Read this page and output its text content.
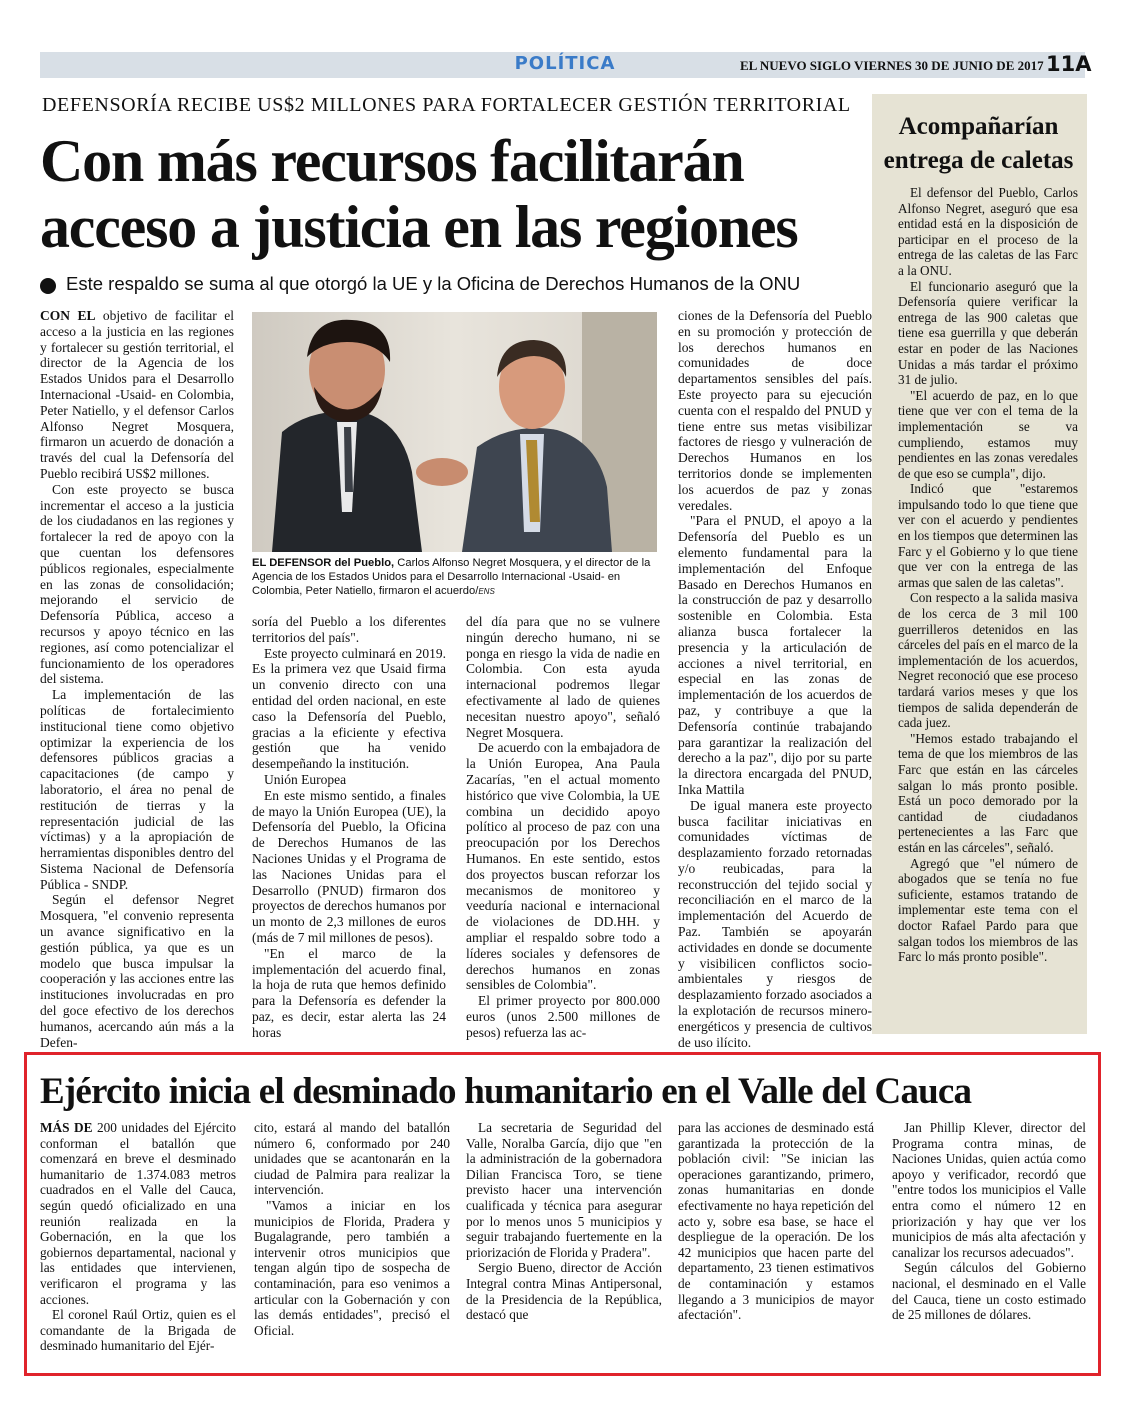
POLÍTICA	EL NUEVO SIGLO VIERNES 30 DE JUNIO DE 2017 11A
DEFENSORÍA RECIBE US$2 MILLONES PARA FORTALECER GESTIÓN TERRITORIAL
Con más recursos facilitarán
acceso a justicia en las regiones
Este respaldo se suma al que otorgó la UE y la Oficina de Derechos Humanos de la ONU

CON EL objetivo de facilitar el acceso a la justicia en las regiones y fortalecer su gestión territorial, el director de la Agencia de los Estados Unidos para el Desarrollo Internacional -Usaid- en Colombia, Peter Natiello, y el defensor Carlos Alfonso Negret Mosquera, firmaron un acuerdo de donación a través del cual la Defensoría del Pueblo recibirá US$2 millones.

Con este proyecto se busca incrementar el acceso a la justicia de los ciudadanos en las regiones y fortalecer la red de apoyo con la que cuentan los defensores públicos regionales, especialmente en las zonas de consolidación; mejorando el servicio de Defensoría Pública, acceso a recursos y apoyo técnico en las regiones, así como potencializar el funcionamiento de los operadores del sistema.

La implementación de las políticas de fortalecimiento institucional tiene como objetivo optimizar la experiencia de los defensores públicos gracias a capacitaciones (de campo y laboratorio, el área no penal de restitución de tierras y la representación judicial de las víctimas) y a la apropiación de herramientas disponibles dentro del Sistema Nacional de Defensoría Pública - SNDP.

Según el defensor Negret Mosquera, "el convenio representa un avance significativo en la gestión pública, ya que es un modelo que busca impulsar la cooperación y las acciones entre las instituciones involucradas en pro del goce efectivo de los derechos humanos, acercando aún más a la Defen-

EL DEFENSOR del Pueblo, Carlos Alfonso Negret Mosquera, y el director de la Agencia de los Estados Unidos para el Desarrollo Internacional -Usaid- en Colombia, Peter Natiello, firmaron el acuerdo/ENS

soría del Pueblo a los diferentes territorios del país".

Este proyecto culminará en 2019. Es la primera vez que Usaid firma un convenio directo con una entidad del orden nacional, en este caso la Defensoría del Pueblo, gracias a la eficiente y efectiva gestión que ha venido desempeñando la institución.

Unión Europea

En este mismo sentido, a finales de mayo la Unión Europea (UE), la Defensoría del Pueblo, la Oficina de Derechos Humanos de las Naciones Unidas y el Programa de las Naciones Unidas para el Desarrollo (PNUD) firmaron dos proyectos de derechos humanos por un monto de 2,3 millones de euros (más de 7 mil millones de pesos).

"En el marco de la implementación del acuerdo final, la hoja de ruta que hemos definido para la Defensoría es defender la paz, es decir, estar alerta las 24 horas

del día para que no se vulnere ningún derecho humano, ni se ponga en riesgo la vida de nadie en Colombia. Con esta ayuda internacional podremos llegar efectivamente al lado de quienes necesitan nuestro apoyo", señaló Negret Mosquera.

De acuerdo con la embajadora de la Unión Europea, Ana Paula Zacarías, "en el actual momento histórico que vive Colombia, la UE combina un decidido apoyo político al proceso de paz con una preocupación por los Derechos Humanos. En este sentido, estos dos proyectos buscan reforzar los mecanismos de monitoreo y veeduría nacional e internacional de violaciones de DD.HH. y ampliar el respaldo sobre todo a líderes sociales y defensores de derechos humanos en zonas sensibles de Colombia".

El primer proyecto por 800.000 euros (unos 2.500 millones de pesos) refuerza las ac-

ciones de la Defensoría del Pueblo en su promoción y protección de los derechos humanos en comunidades de doce departamentos sensibles del país. Este proyecto para su ejecución cuenta con el respaldo del PNUD y tiene entre sus metas visibilizar factores de riesgo y vulneración de Derechos Humanos en los territorios donde se implementen los acuerdos de paz y zonas veredales.

"Para el PNUD, el apoyo a la Defensoría del Pueblo es un elemento fundamental para la implementación del Enfoque Basado en Derechos Humanos en la construcción de paz y desarrollo sostenible en Colombia. Esta alianza busca fortalecer la presencia y la articulación de acciones a nivel territorial, en especial en las zonas de implementación de los acuerdos de paz, y contribuye a que la Defensoría continúe trabajando para garantizar la realización del derecho a la paz", dijo por su parte la directora encargada del PNUD, Inka Mattila

De igual manera este proyecto busca facilitar iniciativas en comunidades víctimas de desplazamiento forzado retornadas y/o reubicadas, para la reconstrucción del tejido social y reconciliación en el marco de la implementación del Acuerdo de Paz. También se apoyarán actividades en donde se documente y visibilicen conflictos socio-ambientales y riesgos de desplazamiento forzado asociados a la explotación de recursos minero-energéticos y presencia de cultivos de uso ilícito.

Acompañarían
entrega de caletas

El defensor del Pueblo, Carlos Alfonso Negret, aseguró que esa entidad está en la disposición de participar en el proceso de la entrega de las caletas de las Farc a la ONU.

El funcionario aseguró que la Defensoría quiere verificar la entrega de las 900 caletas que tiene esa guerrilla y que deberán estar en poder de las Naciones Unidas a más tardar el próximo 31 de julio.

"El acuerdo de paz, en lo que tiene que ver con el tema de la implementación se va cumpliendo, estamos muy pendientes en las zonas veredales de que eso se cumpla", dijo.

Indicó que "estaremos impulsando todo lo que tiene que ver con el acuerdo y pendientes en los tiempos que determinen las Farc y el Gobierno y lo que tiene que ver con la entrega de las armas que salen de las caletas".

Con respecto a la salida masiva de los cerca de 3 mil 100 guerrilleros detenidos en las cárceles del país en el marco de la implementación de los acuerdos, Negret reconoció que ese proceso tardará varios meses y que los tiempos de salida dependerán de cada juez.

"Hemos estado trabajando el tema de que los miembros de las Farc que están en las cárceles salgan lo más pronto posible. Está un poco demorado por la cantidad de ciudadanos pertenecientes a las Farc que están en las cárceles", señaló.

Agregó que "el número de abogados que se tenía no fue suficiente, estamos tratando de implementar este tema con el doctor Rafael Pardo para que salgan todos los miembros de las Farc lo más pronto posible".

Ejército inicia el desminado humanitario en el Valle del Cauca

MÁS DE 200 unidades del Ejército conforman el batallón que comenzará en breve el desminado humanitario de 1.374.083 metros cuadrados en el Valle del Cauca, según quedó oficializado en una reunión realizada en la Gobernación, en la que los gobiernos departamental, nacional y las entidades que intervienen, verificaron el programa y las acciones.

El coronel Raúl Ortiz, quien es el comandante de la Brigada de desminado humanitario del Ejér-

cito, estará al mando del batallón número 6, conformado por 240 unidades que se acantonarán en la ciudad de Palmira para realizar la intervención.

"Vamos a iniciar en los municipios de Florida, Pradera y Bugalagrande, pero también a intervenir otros municipios que tengan algún tipo de sospecha de contaminación, para eso venimos a articular con la Gobernación y con las demás entidades", precisó el Oficial.

La secretaria de Seguridad del Valle, Noralba García, dijo que "en la administración de la gobernadora Dilian Francisca Toro, se tiene previsto hacer una intervención cualificada y técnica para asegurar por lo menos unos 5 municipios y seguir trabajando fuertemente en la priorización de Florida y Pradera".

Sergio Bueno, director de Acción Integral contra Minas Antipersonal, de la Presidencia de la República, destacó que

para las acciones de desminado está garantizada la protección de la población civil: "Se inician las operaciones garantizando, primero, zonas humanitarias en donde efectivamente no haya repetición del acto y, sobre esa base, se hace el despliegue de la operación. De los 42 municipios que hacen parte del departamento, 23 tienen estimativos de contaminación y estamos llegando a 3 municipios de mayor afectación".

Jan Phillip Klever, director del Programa contra minas, de Naciones Unidas, quien actúa como apoyo y verificador, recordó que "entre todos los municipios el Valle entra como el número 12 en priorización y hay que ver los municipios de más alta afectación y canalizar los recursos adecuados".

Según cálculos del Gobierno nacional, el desminado en el Valle del Cauca, tiene un costo estimado de 25 millones de dólares.
